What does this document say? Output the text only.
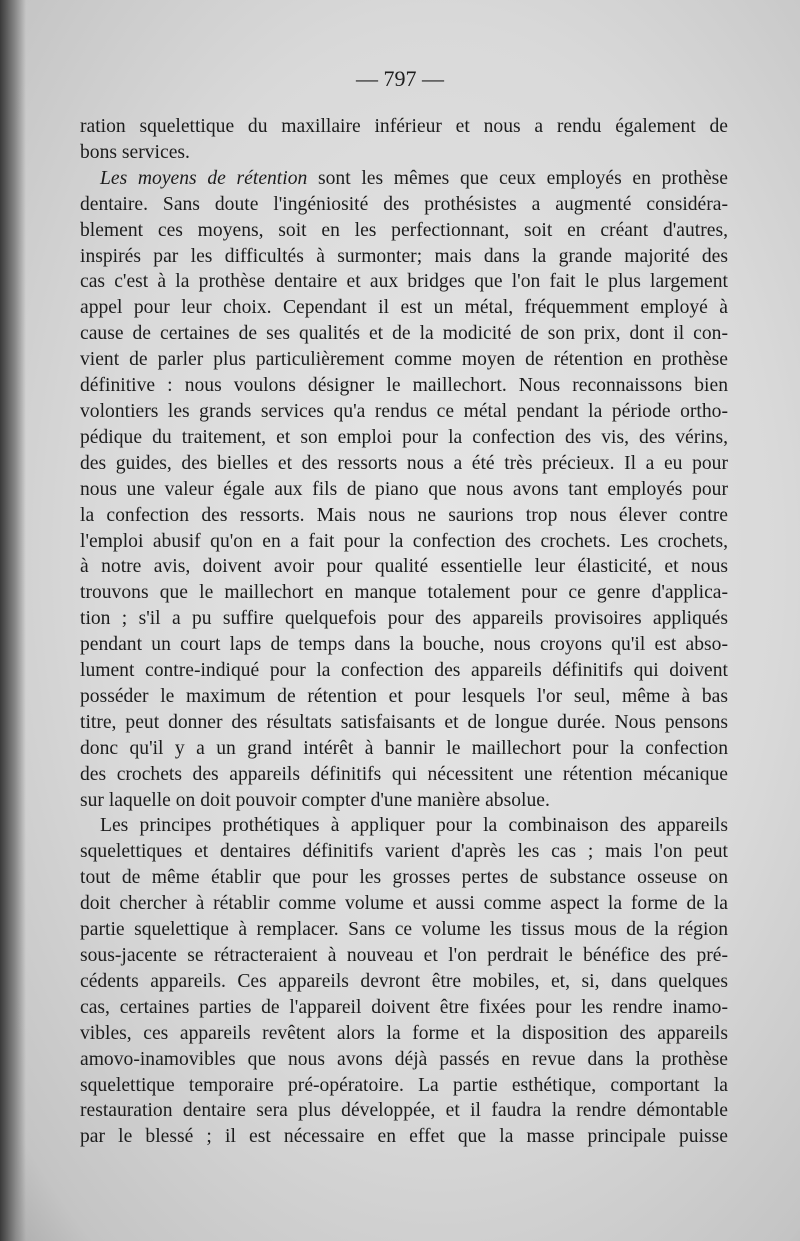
— 797 —

ration squelettique du maxillaire inférieur et nous a rendu également de
bons services.

Les moyens de rétention sont les mêmes que ceux employés en prothèse
dentaire. Sans doute l'ingéniosité des prothésistes a augmenté considéra-
blement ces moyens, soit en les perfectionnant, soit en créant d'autres,
inspirés par les difficultés à surmonter; mais dans la grande majorité des
cas c'est à la prothèse dentaire et aux bridges que l'on fait le plus largement
appel pour leur choix. Cependant il est un métal, fréquemment employé à
cause de certaines de ses qualités et de la modicité de son prix, dont il con-
vient de parler plus particulièrement comme moyen de rétention en prothèse
définitive : nous voulons désigner le maillechort. Nous reconnaissons bien
volontiers les grands services qu'a rendus ce métal pendant la période ortho-
pédique du traitement, et son emploi pour la confection des vis, des vérins,
des guides, des bielles et des ressorts nous a été très précieux. Il a eu pour
nous une valeur égale aux fils de piano que nous avons tant employés pour
la confection des ressorts. Mais nous ne saurions trop nous élever contre
l'emploi abusif qu'on en a fait pour la confection des crochets. Les crochets,
à notre avis, doivent avoir pour qualité essentielle leur élasticité, et nous
trouvons que le maillechort en manque totalement pour ce genre d'applica-
tion ; s'il a pu suffire quelquefois pour des appareils provisoires appliqués
pendant un court laps de temps dans la bouche, nous croyons qu'il est abso-
lument contre-indiqué pour la confection des appareils définitifs qui doivent
posséder le maximum de rétention et pour lesquels l'or seul, même à bas
titre, peut donner des résultats satisfaisants et de longue durée. Nous pensons
donc qu'il y a un grand intérêt à bannir le maillechort pour la confection
des crochets des appareils définitifs qui nécessitent une rétention mécanique
sur laquelle on doit pouvoir compter d'une manière absolue.

Les principes prothétiques à appliquer pour la combinaison des appareils
squelettiques et dentaires définitifs varient d'après les cas ; mais l'on peut
tout de même établir que pour les grosses pertes de substance osseuse on
doit chercher à rétablir comme volume et aussi comme aspect la forme de la
partie squelettique à remplacer. Sans ce volume les tissus mous de la région
sous-jacente se rétracteraient à nouveau et l'on perdrait le bénéfice des pré-
cédents appareils. Ces appareils devront être mobiles, et, si, dans quelques
cas, certaines parties de l'appareil doivent être fixées pour les rendre inamo-
vibles, ces appareils revêtent alors la forme et la disposition des appareils
amovo-inamovibles que nous avons déjà passés en revue dans la prothèse
squelettique temporaire pré-opératoire. La partie esthétique, comportant la
restauration dentaire sera plus développée, et il faudra la rendre démontable
par le blessé ; il est nécessaire en effet que la masse principale puisse
